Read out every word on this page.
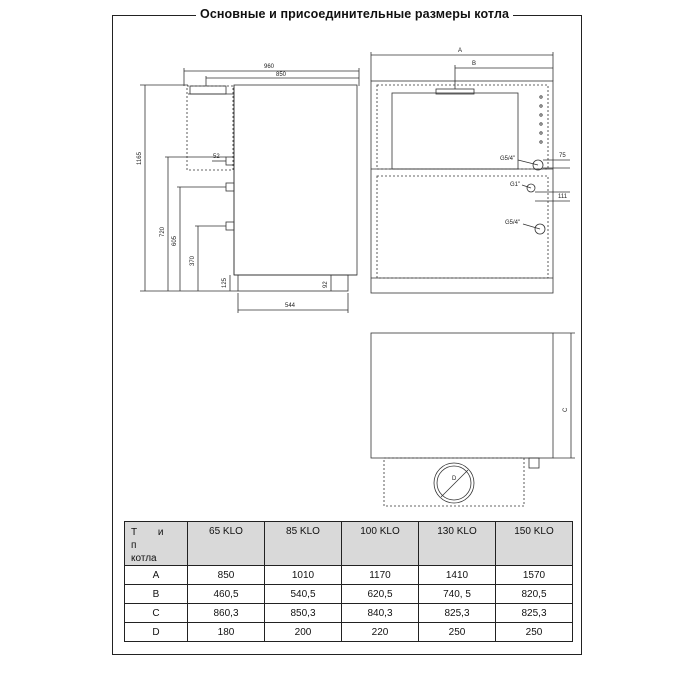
Основные и присоединительные размеры котла
960
850
1165
720
605
370
125
52
92
544
A
B
75
111
G5/4"
G1"
G5/4"
C
D
Т и п
котла	65 KLO	85 KLO	100 KLO	130 KLO	150 KLO
A	850	1010	1170	1410	1570
B	460,5	540,5	620,5	740, 5	820,5
C	860,3	850,3	840,3	825,3	825,3
D	180	200	220	250	250
